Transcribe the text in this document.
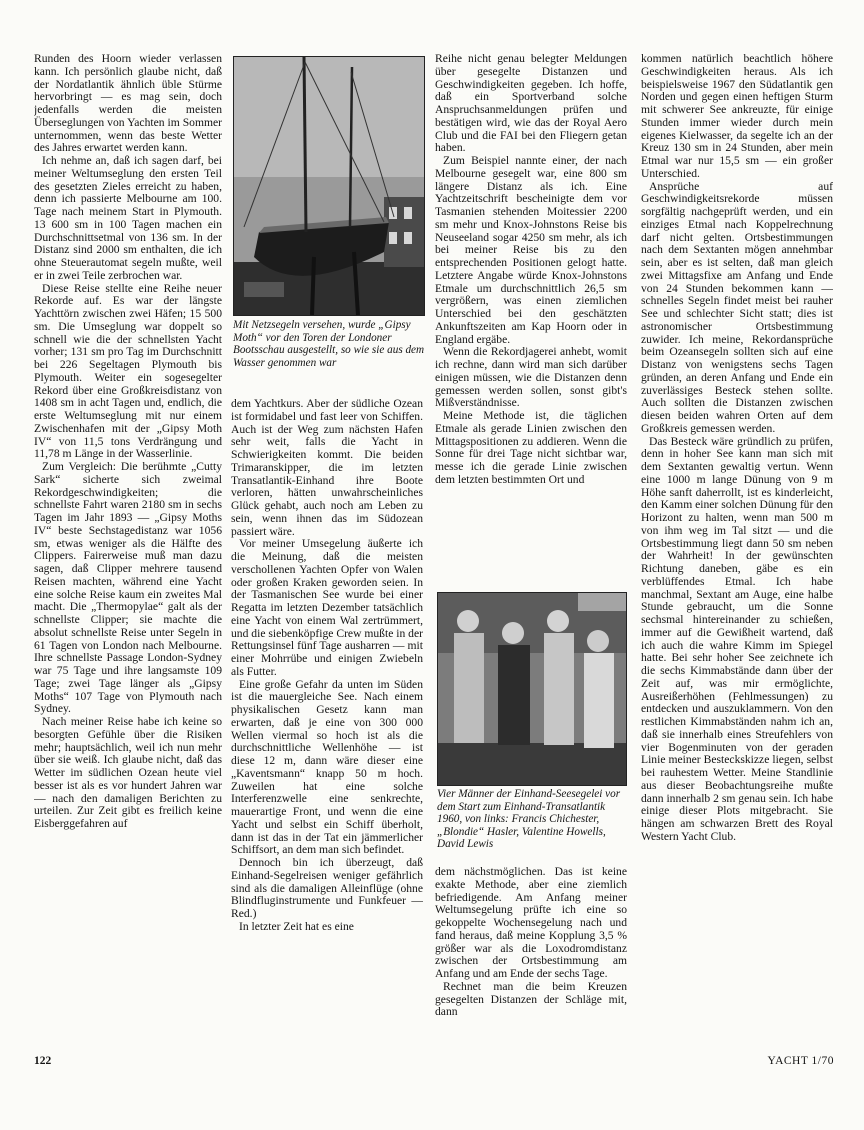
Runden des Hoorn wieder verlassen kann. Ich persönlich glaube nicht, daß der Nordatlantik ähnlich üble Stürme hervorbringt — es mag sein, doch jedenfalls werden die meisten Überseglungen von Yachten im Sommer unternommen, wenn das beste Wetter des Jahres erwartet werden kann.

Ich nehme an, daß ich sagen darf, bei meiner Weltumseglung den ersten Teil des gesetzten Zieles erreicht zu haben, denn ich passierte Melbourne am 100. Tage nach meinem Start in Plymouth. 13 600 sm in 100 Tagen machen ein Durchschnittsetmal von 136 sm. In der Distanz sind 2000 sm enthalten, die ich ohne Steuerautomat segeln mußte, weil er in zwei Teile zerbrochen war.

Diese Reise stellte eine Reihe neuer Rekorde auf. Es war der längste Yachttörn zwischen zwei Häfen; 15 500 sm. Die Umseglung war doppelt so schnell wie die der schnellsten Yacht vorher; 131 sm pro Tag im Durchschnitt bei 226 Segeltagen Plymouth bis Plymouth. Weiter ein sogesegelter Rekord über eine Großkreisdistanz von 1408 sm in acht Tagen und, endlich, die erste Weltumseglung mit nur einem Zwischenhafen mit der „Gipsy Moth IV“ von 11,5 tons Verdrängung und 11,78 m Länge in der Wasserlinie.

Zum Vergleich: Die berühmte „Cutty Sark“ sicherte sich zweimal Rekordgeschwindigkeiten; die schnellste Fahrt waren 2180 sm in sechs Tagen im Jahr 1893 — „Gipsy Moths IV“ beste Sechstagedistanz war 1056 sm, etwas weniger als die Hälfte des Clippers. Fairerweise muß man dazu sagen, daß Clipper mehrere tausend Reisen machten, während eine Yacht eine solche Reise kaum ein zweites Mal macht. Die „Thermopylae“ galt als der schnellste Clipper; sie machte die absolut schnellste Reise unter Segeln in 61 Tagen von London nach Melbourne. Ihre schnellste Passage London-Sydney war 75 Tage und ihre langsamste 109 Tage; zwei Tage länger als „Gipsy Moths“ 107 Tage von Plymouth nach Sydney.

Nach meiner Reise habe ich keine so besorgten Gefühle über die Risiken mehr; hauptsächlich, weil ich nun mehr über sie weiß. Ich glaube nicht, daß das Wetter im südlichen Ozean heute viel besser ist als es vor hundert Jahren war — nach den damaligen Berichten zu urteilen. Zur Zeit gibt es freilich keine Eisberggefahren auf

Mit Netzsegeln versehen, wurde „Gipsy Moth“ vor den Toren der Londoner Bootsschau ausgestellt, so wie sie aus dem Wasser genommen war

dem Yachtkurs. Aber der südliche Ozean ist formidabel und fast leer von Schiffen. Auch ist der Weg zum nächsten Hafen sehr weit, falls die Yacht in Schwierigkeiten kommt. Die beiden Trimaranskipper, die im letzten Transatlantik-Einhand ihre Boote verloren, hätten unwahrscheinliches Glück gehabt, auch noch am Leben zu sein, wenn ihnen das im Südozean passiert wäre.

Vor meiner Umsegelung äußerte ich die Meinung, daß die meisten verschollenen Yachten Opfer von Walen oder großen Kraken geworden seien. In der Tasmanischen See wurde bei einer Regatta im letzten Dezember tatsächlich eine Yacht von einem Wal zertrümmert, und die siebenköpfige Crew mußte in der Rettungsinsel fünf Tage ausharren — mit einer Mohrrübe und einigen Zwiebeln als Futter.

Eine große Gefahr da unten im Süden ist die mauergleiche See. Nach einem physikalischen Gesetz kann man erwarten, daß je eine von 300 000 Wellen viermal so hoch ist als die durchschnittliche Wellenhöhe — ist diese 12 m, dann wäre dieser eine „Kaventsmann“ knapp 50 m hoch. Zuweilen hat eine solche Interferenzwelle eine senkrechte, mauerartige Front, und wenn die eine Yacht und selbst ein Schiff überholt, dann ist das in der Tat ein jämmerlicher Schiffsort, an dem man sich befindet.

Dennoch bin ich überzeugt, daß Einhand-Segelreisen weniger gefährlich sind als die damaligen Alleinflüge (ohne Blindfluginstrumente und Funkfeuer — Red.)

In letzter Zeit hat es eine

Reihe nicht genau belegter Meldungen über gesegelte Distanzen und Geschwindigkeiten gegeben. Ich hoffe, daß ein Sportverband solche Anspruchsanmeldungen prüfen und bestätigen wird, wie das der Royal Aero Club und die FAI bei den Fliegern getan haben.

Zum Beispiel nannte einer, der nach Melbourne gesegelt war, eine 800 sm längere Distanz als ich. Eine Yachtzeitschrift bescheinigte dem vor Tasmanien stehenden Moitessier 2200 sm mehr und Knox-Johnstons Reise bis Neuseeland sogar 4250 sm mehr, als ich bei meiner Reise bis zu den entsprechenden Positionen gelogt hatte. Letztere Angabe würde Knox-Johnstons Etmale um durchschnittlich 26,5 sm vergrößern, was einen ziemlichen Unterschied bei den geschätzten Ankunftszeiten am Kap Hoorn oder in England ergäbe.

Wenn die Rekordjagerei anhebt, womit ich rechne, dann wird man sich darüber einigen müssen, wie die Distanzen denn gemessen werden sollen, sonst gibt's Mißverständnisse.

Meine Methode ist, die täglichen Etmale als gerade Linien zwischen den Mittagspositionen zu addieren. Wenn die Sonne für drei Tage nicht sichtbar war, messe ich die gerade Linie zwischen dem letzten bestimmten Ort und

Vier Männer der Einhand-Seesegelei vor dem Start zum Einhand-Transatlantik 1960, von links: Francis Chichester, „Blondie“ Hasler, Valentine Howells, David Lewis

dem nächstmöglichen. Das ist keine exakte Methode, aber eine ziemlich befriedigende. Am Anfang meiner Weltumsegelung prüfte ich eine so gekoppelte Wochensegelung nach und fand heraus, daß meine Kopplung 3,5 % größer war als die Loxodromdistanz zwischen der Ortsbestimmung am Anfang und am Ende der sechs Tage.

Rechnet man die beim Kreuzen gesegelten Distanzen der Schläge mit, dann

kommen natürlich beachtlich höhere Geschwindigkeiten heraus. Als ich beispielsweise 1967 den Südatlantik gen Norden und gegen einen heftigen Sturm mit schwerer See ankreuzte, für einige Stunden immer wieder durch mein eigenes Kielwasser, da segelte ich an der Kreuz 130 sm in 24 Stunden, aber mein Etmal war nur 15,5 sm — ein großer Unterschied.

Ansprüche auf Geschwindigkeitsrekorde müssen sorgfältig nachgeprüft werden, und ein einziges Etmal nach Koppelrechnung darf nicht gelten. Ortsbestimmungen nach dem Sextanten mögen annehmbar sein, aber es ist selten, daß man gleich zwei Mittagsfixe am Anfang und Ende von 24 Stunden bekommen kann — schnelles Segeln findet meist bei rauher See und schlechter Sicht statt; dies ist astronomischer Ortsbestimmung zuwider. Ich meine, Rekordansprüche beim Ozeansegeln sollten sich auf eine Distanz von wenigstens sechs Tagen gründen, an deren Anfang und Ende ein zuverlässiges Besteck stehen sollte. Auch sollten die Distanzen zwischen diesen beiden wahren Orten auf dem Großkreis gemessen werden.

Das Besteck wäre gründlich zu prüfen, denn in hoher See kann man sich mit dem Sextanten gewaltig vertun. Wenn eine 1000 m lange Dünung von 9 m Höhe sanft daherrollt, ist es kinderleicht, den Kamm einer solchen Dünung für den Horizont zu halten, wenn man 500 m von ihm weg im Tal sitzt — und die Ortsbestimmung liegt dann 50 sm neben der Wahrheit! In der gewünschten Richtung daneben, gäbe es ein verblüffendes Etmal. Ich habe manchmal, Sextant am Auge, eine halbe Stunde gebraucht, um die Sonne sechsmal hintereinander zu schießen, immer auf die Gewißheit wartend, daß ich auch die wahre Kimm im Spiegel hatte. Bei sehr hoher See zeichnete ich die sechs Kimmabstände dann über der Zeit auf, was mir ermöglichte, Ausreißerhöhen (Fehlmessungen) zu entdecken und auszuklammern. Von den restlichen Kimmabständen nahm ich an, daß sie innerhalb eines Streufehlers von vier Bogenminuten von der geraden Linie meiner Besteckskizze liegen, selbst bei rauhestem Wetter. Meine Standlinie aus dieser Beobachtungsreihe mußte dann innerhalb 2 sm genau sein. Ich habe einige dieser Plots mitgebracht. Sie hängen am schwarzen Brett des Royal Western Yacht Club.

122	YACHT 1/70
